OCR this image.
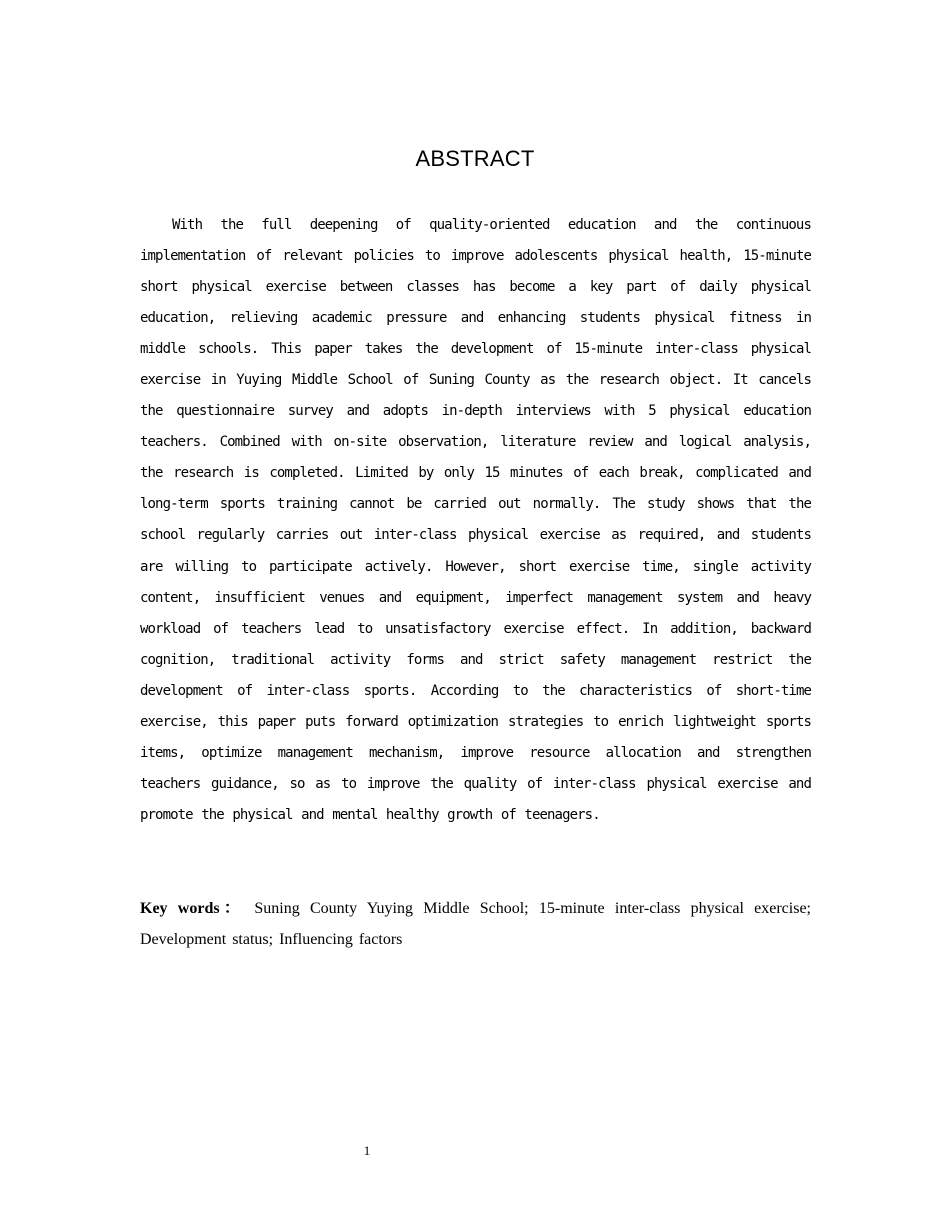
ABSTRACT

With the full deepening of quality-oriented education and the continuous implementation of relevant policies to improve adolescents physical health, 15-minute short physical exercise between classes has become a key part of daily physical education, relieving academic pressure and enhancing students physical fitness in middle schools. This paper takes the development of 15-minute inter-class physical exercise in Yuying Middle School of Suning County as the research object. It cancels the questionnaire survey and adopts in-depth interviews with 5 physical education teachers. Combined with on-site observation, literature review and logical analysis, the research is completed. Limited by only 15 minutes of each break, complicated and long-term sports training cannot be carried out normally. The study shows that the school regularly carries out inter-class physical exercise as required, and students are willing to participate actively. However, short exercise time, single activity content, insufficient venues and equipment, imperfect management system and heavy workload of teachers lead to unsatisfactory exercise effect. In addition, backward cognition, traditional activity forms and strict safety management restrict the development of inter-class sports. According to the characteristics of short-time exercise, this paper puts forward optimization strategies to enrich lightweight sports items, optimize management mechanism, improve resource allocation and strengthen teachers guidance, so as to improve the quality of inter-class physical exercise and promote the physical and mental healthy growth of teenagers.

Key words： Suning County Yuying Middle School; 15-minute inter-class physical exercise; Development status; Influencing factors

1
